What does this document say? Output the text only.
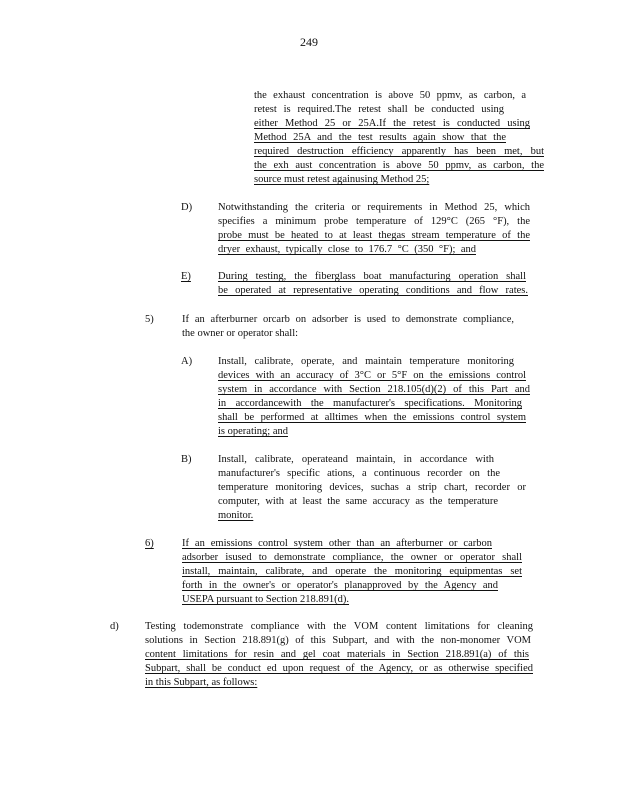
249
the exhaust concentration is above 50 ppmv, as carbon, a
retest is required.The retest shall be conducted using
either Method 25 or 25A.If the retest is conducted using
Method 25A and the test results again show that the
required destruction efficiency apparently has been met, but
the exh aust concentration is above 50 ppmv, as carbon, the
source must retest againusing Method 25;
D) Notwithstanding the criteria or requirements in Method 25, which
specifies a minimum probe temperature of 129°C (265 °F), the
probe must be heated to at least thegas stream temperature of the
dryer exhaust, typically close to 176.7 °C (350 °F); and
E)	During testing, the fiberglass boat manufacturing operation shall
be operated at representative operating conditions and flow rates.
5)	If an afterburner orcarb on adsorber is used to demonstrate compliance,
the owner or operator shall:
A) Install, calibrate, operate, and maintain temperature monitoring
devices with an accuracy of 3°C or 5°F on the emissions control
system in accordance with Section 218.105(d)(2) of this Part and
in accordancewith the manufacturer's specifications. Monitoring
shall be performed at alltimes when the emissions control system
is operating; and
B)	Install, calibrate, operateand maintain, in accordance with
manufacturer's specific ations, a continuous recorder on the
temperature monitoring devices, suchas a strip chart, recorder or
computer, with at least the same accuracy as the temperature
monitor.
6)	If an emissions control system other than an afterburner or carbon
adsorber isused to demonstrate compliance, the owner or operator shall
install, maintain, calibrate, and operate the monitoring equipmentas set
forth in the owner's or operator's planapproved by the Agency and
USEPA pursuant to Section 218.891(d).
d)	Testing todemonstrate compliance with the VOM content limitations for cleaning
solutions in Section 218.891(g) of this Subpart, and with the non-monomer VOM
content limitations for resin and gel coat materials in Section 218.891(a) of this
Subpart, shall be conduct ed upon request of the Agency, or as otherwise specified
in this Subpart, as follows:
